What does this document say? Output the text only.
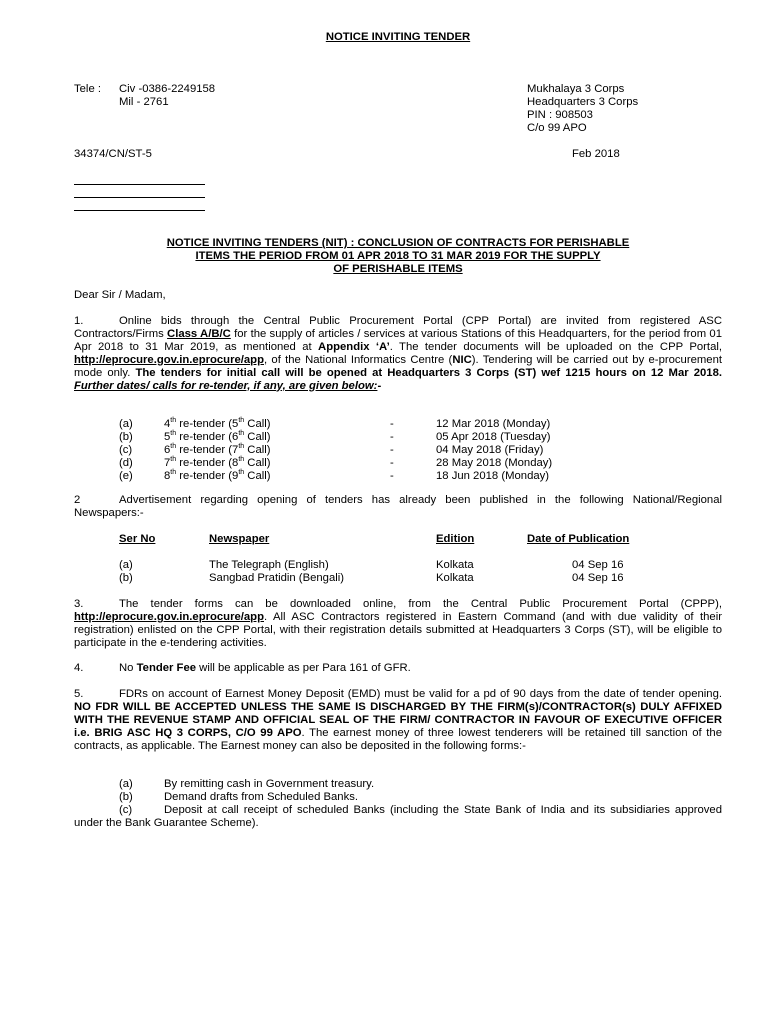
NOTICE INVITING TENDER
Tele : Civ -0386-2249158
Mil - 2761
Mukhalaya 3 Corps
Headquarters 3 Corps
PIN : 908503
C/o 99 APO
34374/CN/ST-5	Feb 2018
NOTICE INVITING TENDERS (NIT) : CONCLUSION OF CONTRACTS FOR PERISHABLE
ITEMS THE PERIOD FROM 01 APR 2018 TO 31 MAR 2019 FOR THE SUPPLY
OF PERISHABLE ITEMS
Dear Sir / Madam,
1.	Online bids through the Central Public Procurement Portal (CPP Portal) are invited from registered ASC Contractors/Firms Class A/B/C for the supply of articles / services at various Stations of this Headquarters, for the period from 01 Apr 2018 to 31 Mar 2019, as mentioned at Appendix ‘A’. The tender documents will be uploaded on the CPP Portal, http://eprocure.gov.in.eprocure/app, of the National Informatics Centre (NIC). Tendering will be carried out by e-procurement mode only. The tenders for initial call will be opened at Headquarters 3 Corps (ST) wef 1215 hours on 12 Mar 2018. Further dates/ calls for re-tender, if any, are given below:-
(a)	4th re-tender (5th Call)	-	12 Mar 2018 (Monday)
(b)	5th re-tender (6th Call)	-	05 Apr 2018 (Tuesday)
(c)	6th re-tender (7th Call)	-	04 May 2018 (Friday)
(d)	7th re-tender (8th Call)	-	28 May 2018 (Monday)
(e)	8th re-tender (9th Call)	-	18 Jun 2018 (Monday)
2	Advertisement regarding opening of tenders has already been published in the following National/Regional Newspapers:-
Ser No	Newspaper	Edition	Date of Publication
(a)	The Telegraph (English)	Kolkata	04 Sep 16
(b)	Sangbad Pratidin (Bengali)	Kolkata	04 Sep 16
3.	The tender forms can be downloaded online, from the Central Public Procurement Portal (CPPP), http://eprocure.gov.in.eprocure/app. All ASC Contractors registered in Eastern Command (and with due validity of their registration) enlisted on the CPP Portal, with their registration details submitted at Headquarters 3 Corps (ST), will be eligible to participate in the e-tendering activities.
4.	No Tender Fee will be applicable as per Para 161 of GFR.
5.	FDRs on account of Earnest Money Deposit (EMD) must be valid for a pd of 90 days from the date of tender opening. NO FDR WILL BE ACCEPTED UNLESS THE SAME IS DISCHARGED BY THE FIRM(s)/CONTRACTOR(s) DULY AFFIXED WITH THE REVENUE STAMP AND OFFICIAL SEAL OF THE FIRM/ CONTRACTOR IN FAVOUR OF EXECUTIVE OFFICER i.e. BRIG ASC HQ 3 CORPS, C/O 99 APO. The earnest money of three lowest tenderers will be retained till sanction of the contracts, as applicable. The Earnest money can also be deposited in the following forms:-
(a)	By remitting cash in Government treasury.
(b)	Demand drafts from Scheduled Banks.
(c)	Deposit at call receipt of scheduled Banks (including the State Bank of India and its subsidiaries approved under the Bank Guarantee Scheme).
